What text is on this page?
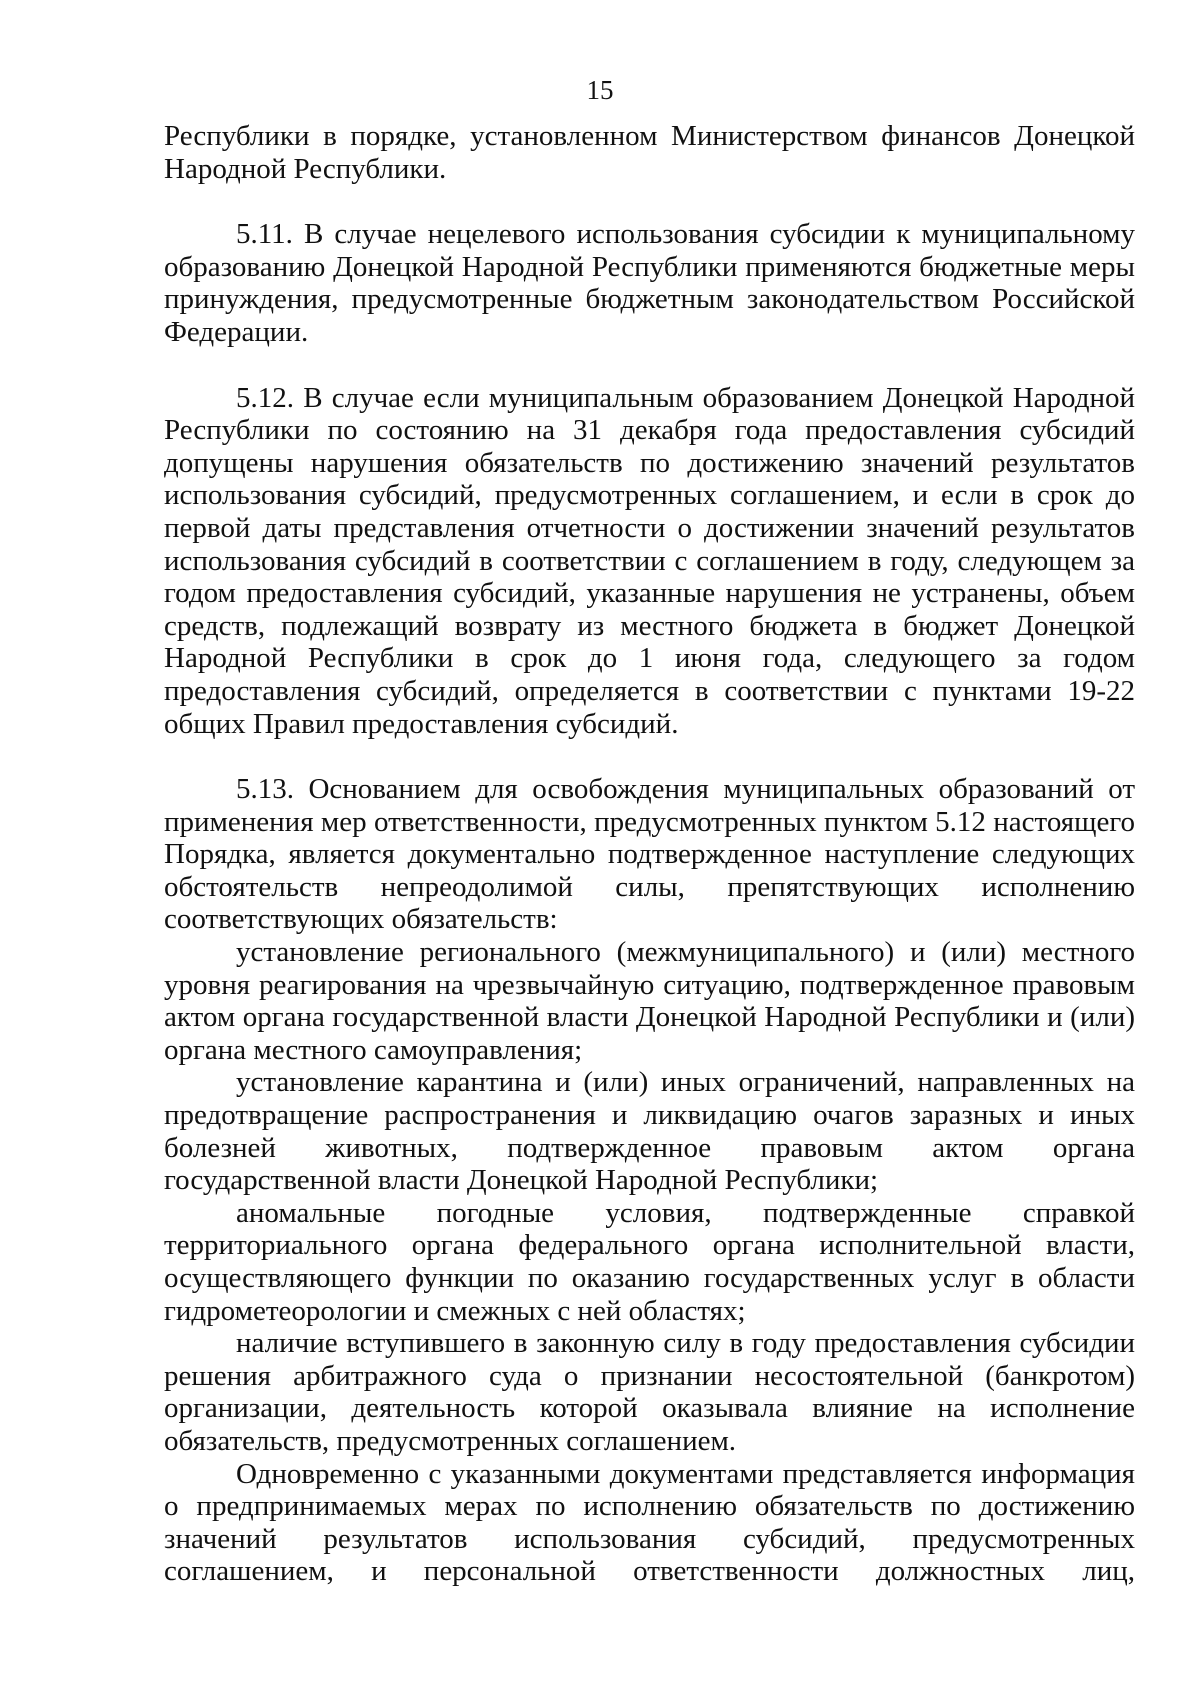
15

Республики в порядке, установленном Министерством финансов Донецкой Народной Республики.

5.11. В случае нецелевого использования субсидии к муниципальному образованию Донецкой Народной Республики применяются бюджетные меры принуждения, предусмотренные бюджетным законодательством Российской Федерации.

5.12. В случае если муниципальным образованием Донецкой Народной Республики по состоянию на 31 декабря года предоставления субсидий допущены нарушения обязательств по достижению значений результатов использования субсидий, предусмотренных соглашением, и если в срок до первой даты представления отчетности о достижении значений результатов использования субсидий в соответствии с соглашением в году, следующем за годом предоставления субсидий, указанные нарушения не устранены, объем средств, подлежащий возврату из местного бюджета в бюджет Донецкой Народной Республики в срок до 1 июня года, следующего за годом предоставления субсидий, определяется в соответствии с пунктами 19-22 общих Правил предоставления субсидий.

5.13. Основанием для освобождения муниципальных образований от применения мер ответственности, предусмотренных пунктом 5.12 настоящего Порядка, является документально подтвержденное наступление следующих обстоятельств непреодолимой силы, препятствующих исполнению соответствующих обязательств:

установление регионального (межмуниципального) и (или) местного уровня реагирования на чрезвычайную ситуацию, подтвержденное правовым актом органа государственной власти Донецкой Народной Республики и (или) органа местного самоуправления;

установление карантина и (или) иных ограничений, направленных на предотвращение распространения и ликвидацию очагов заразных и иных болезней животных, подтвержденное правовым актом органа государственной власти Донецкой Народной Республики;

аномальные погодные условия, подтвержденные справкой территориального органа федерального органа исполнительной власти, осуществляющего функции по оказанию государственных услуг в области гидрометеорологии и смежных с ней областях;

наличие вступившего в законную силу в году предоставления субсидии решения арбитражного суда о признании несостоятельной (банкротом) организации, деятельность которой оказывала влияние на исполнение обязательств, предусмотренных соглашением.

Одновременно с указанными документами представляется информация о предпринимаемых мерах по исполнению обязательств по достижению значений результатов использования субсидий, предусмотренных соглашением, и персональной ответственности должностных лиц,
